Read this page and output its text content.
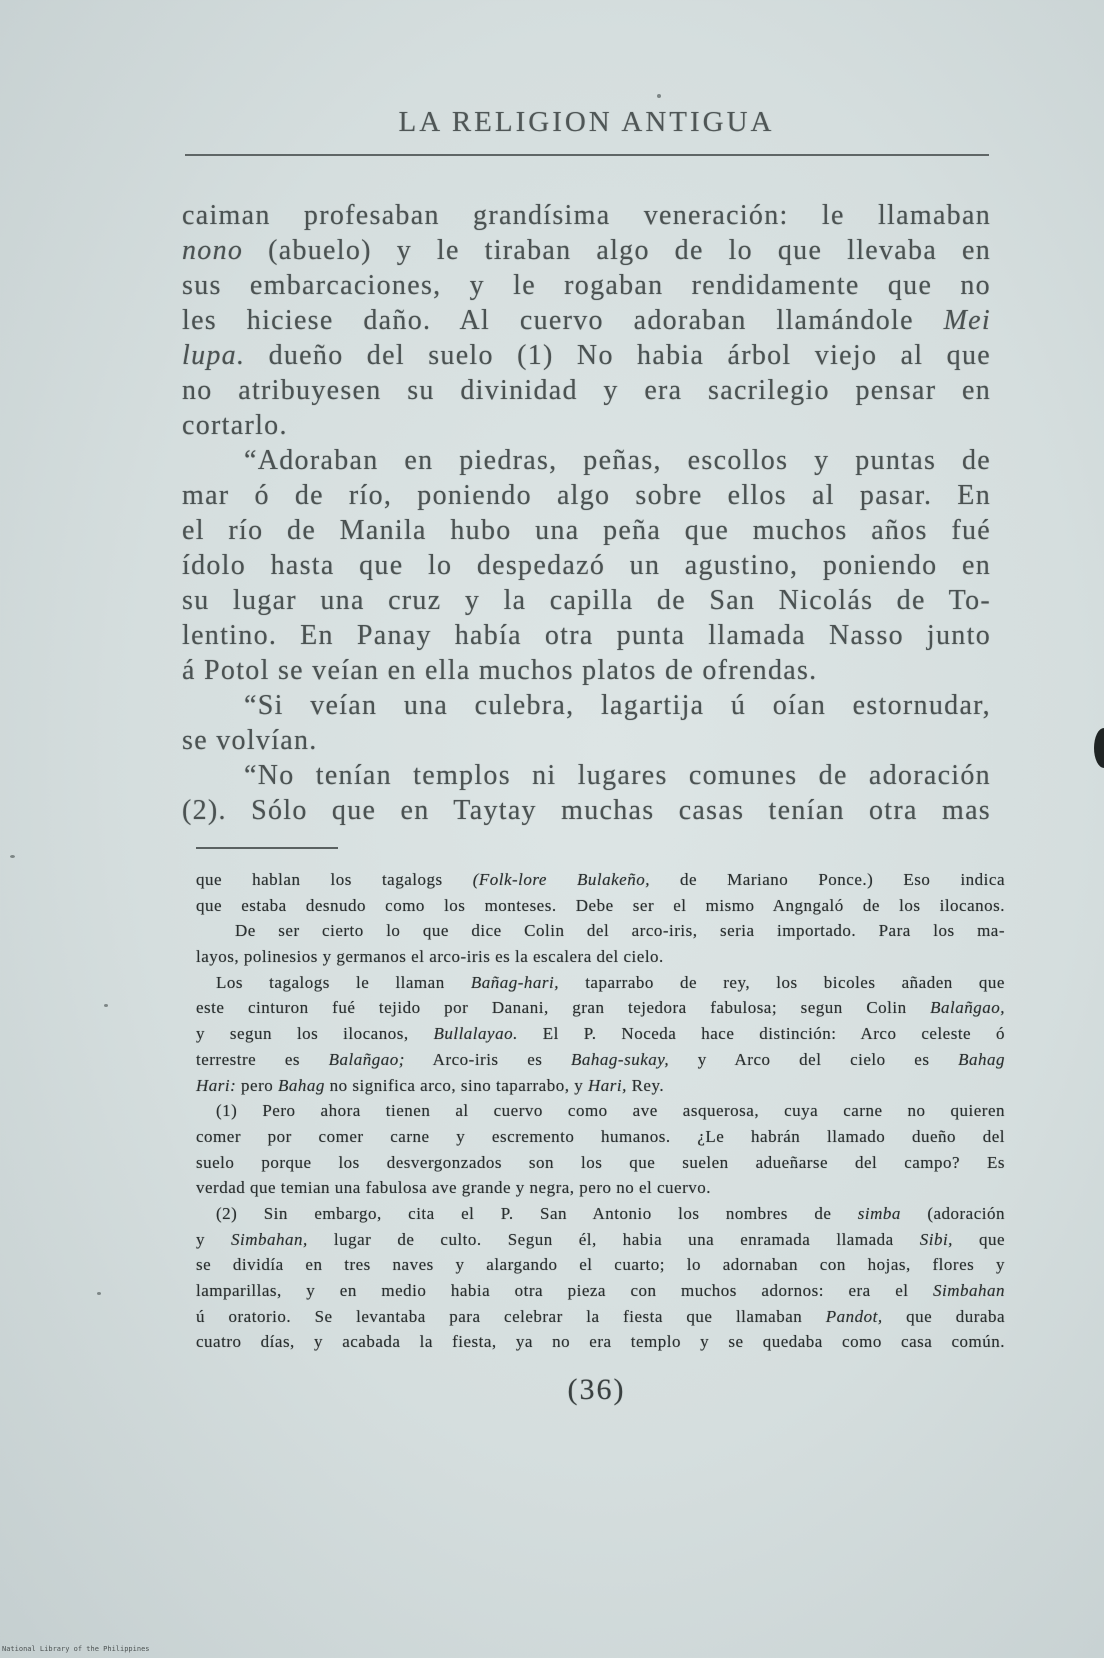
LA RELIGION ANTIGUA
caiman profesaban grandísima veneración: le llamaban
nono (abuelo) y le tiraban algo de lo que llevaba en
sus embarcaciones, y le rogaban rendidamente que no
les hiciese daño. Al cuervo adoraban llamándole Mei
lupa. dueño del suelo (1) No habia árbol viejo al que
no atribuyesen su divinidad y era sacrilegio pensar en
cortarlo.
“Adoraban en piedras, peñas, escollos y puntas de
mar ó de río, poniendo algo sobre ellos al pasar. En
el río de Manila hubo una peña que muchos años fué
ídolo hasta que lo despedazó un agustino, poniendo en
su lugar una cruz y la capilla de San Nicolás de To-
lentino. En Panay había otra punta llamada Nasso junto
á Potol se veían en ella muchos platos de ofrendas.
“Si veían una culebra, lagartija ú oían estornudar,
se volvían.
“No tenían templos ni lugares comunes de adoración
(2). Sólo que en Taytay muchas casas tenían otra mas
que hablan los tagalogs (Folk-lore Bulakeño, de Mariano Ponce.) Eso indica
que estaba desnudo como los monteses. Debe ser el mismo Angngaló de los ilocanos.
De ser cierto lo que dice Colin del arco-iris, seria importado. Para los ma-
layos, polinesios y germanos el arco-iris es la escalera del cielo.
Los tagalogs le llaman Bañag-hari, taparrabo de rey, los bicoles añaden que
este cinturon fué tejido por Danani, gran tejedora fabulosa; segun Colin Balañgao,
y segun los ilocanos, Bullalayao. El P. Noceda hace distinción: Arco celeste ó
terrestre es Balañgao; Arco-iris es Bahag-sukay, y Arco del cielo es Bahag
Hari: pero Bahag no significa arco, sino taparrabo, y Hari, Rey.
(1) Pero ahora tienen al cuervo como ave asquerosa, cuya carne no quieren
comer por comer carne y escremento humanos. ¿Le habrán llamado dueño del
suelo porque los desvergonzados son los que suelen adueñarse del campo? Es
verdad que temian una fabulosa ave grande y negra, pero no el cuervo.
(2) Sin embargo, cita el P. San Antonio los nombres de simba (adoración
y Simbahan, lugar de culto. Segun él, habia una enramada llamada Sibi, que
se dividía en tres naves y alargando el cuarto; lo adornaban con hojas, flores y
lamparillas, y en medio habia otra pieza con muchos adornos: era el Simbahan
ú oratorio. Se levantaba para celebrar la fiesta que llamaban Pandot, que duraba
cuatro días, y acabada la fiesta, ya no era templo y se quedaba como casa común.
(36)
National Library of the Philippines
